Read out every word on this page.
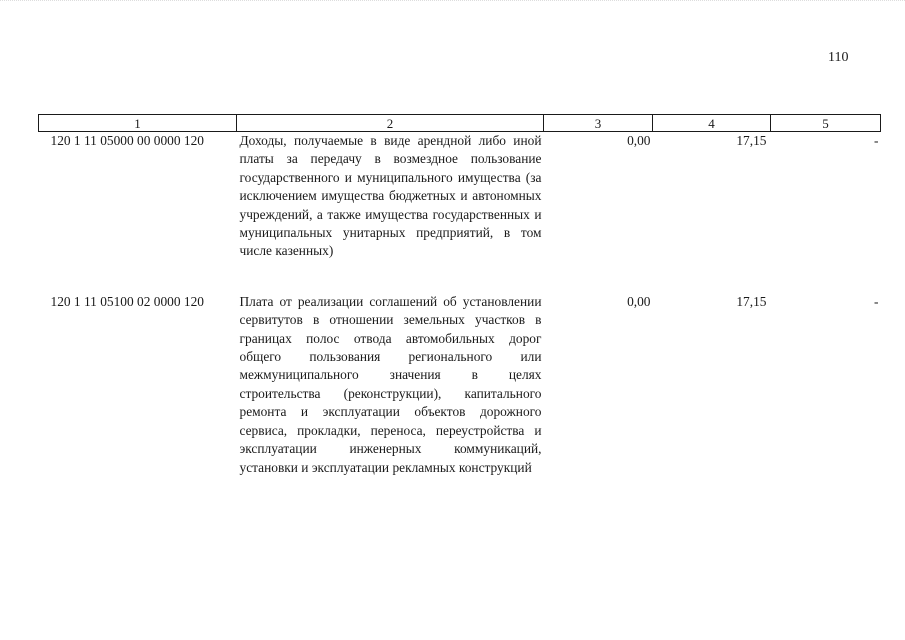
110
1	2	3	4	5
120 1 11 05000 00 0000 120	Доходы, получаемые в виде арендной либо иной платы за передачу в возмездное пользование государственного и муниципального имущества (за исключением имущества бюджетных и автономных учреждений, а также имущества государственных и муниципальных унитарных предприятий, в том числе казенных)	0,00	17,15	-
120 1 11 05100 02 0000 120	Плата от реализации соглашений об установлении сервитутов в отношении земельных участков в границах полос отвода автомобильных дорог общего пользования регионального или межмуниципального значения в целях строительства (реконструкции), капитального ремонта и эксплуатации объектов дорожного сервиса, прокладки, переноса, переустройства и эксплуатации инженерных коммуникаций, установки и эксплуатации рекламных конструкций	0,00	17,15	-
